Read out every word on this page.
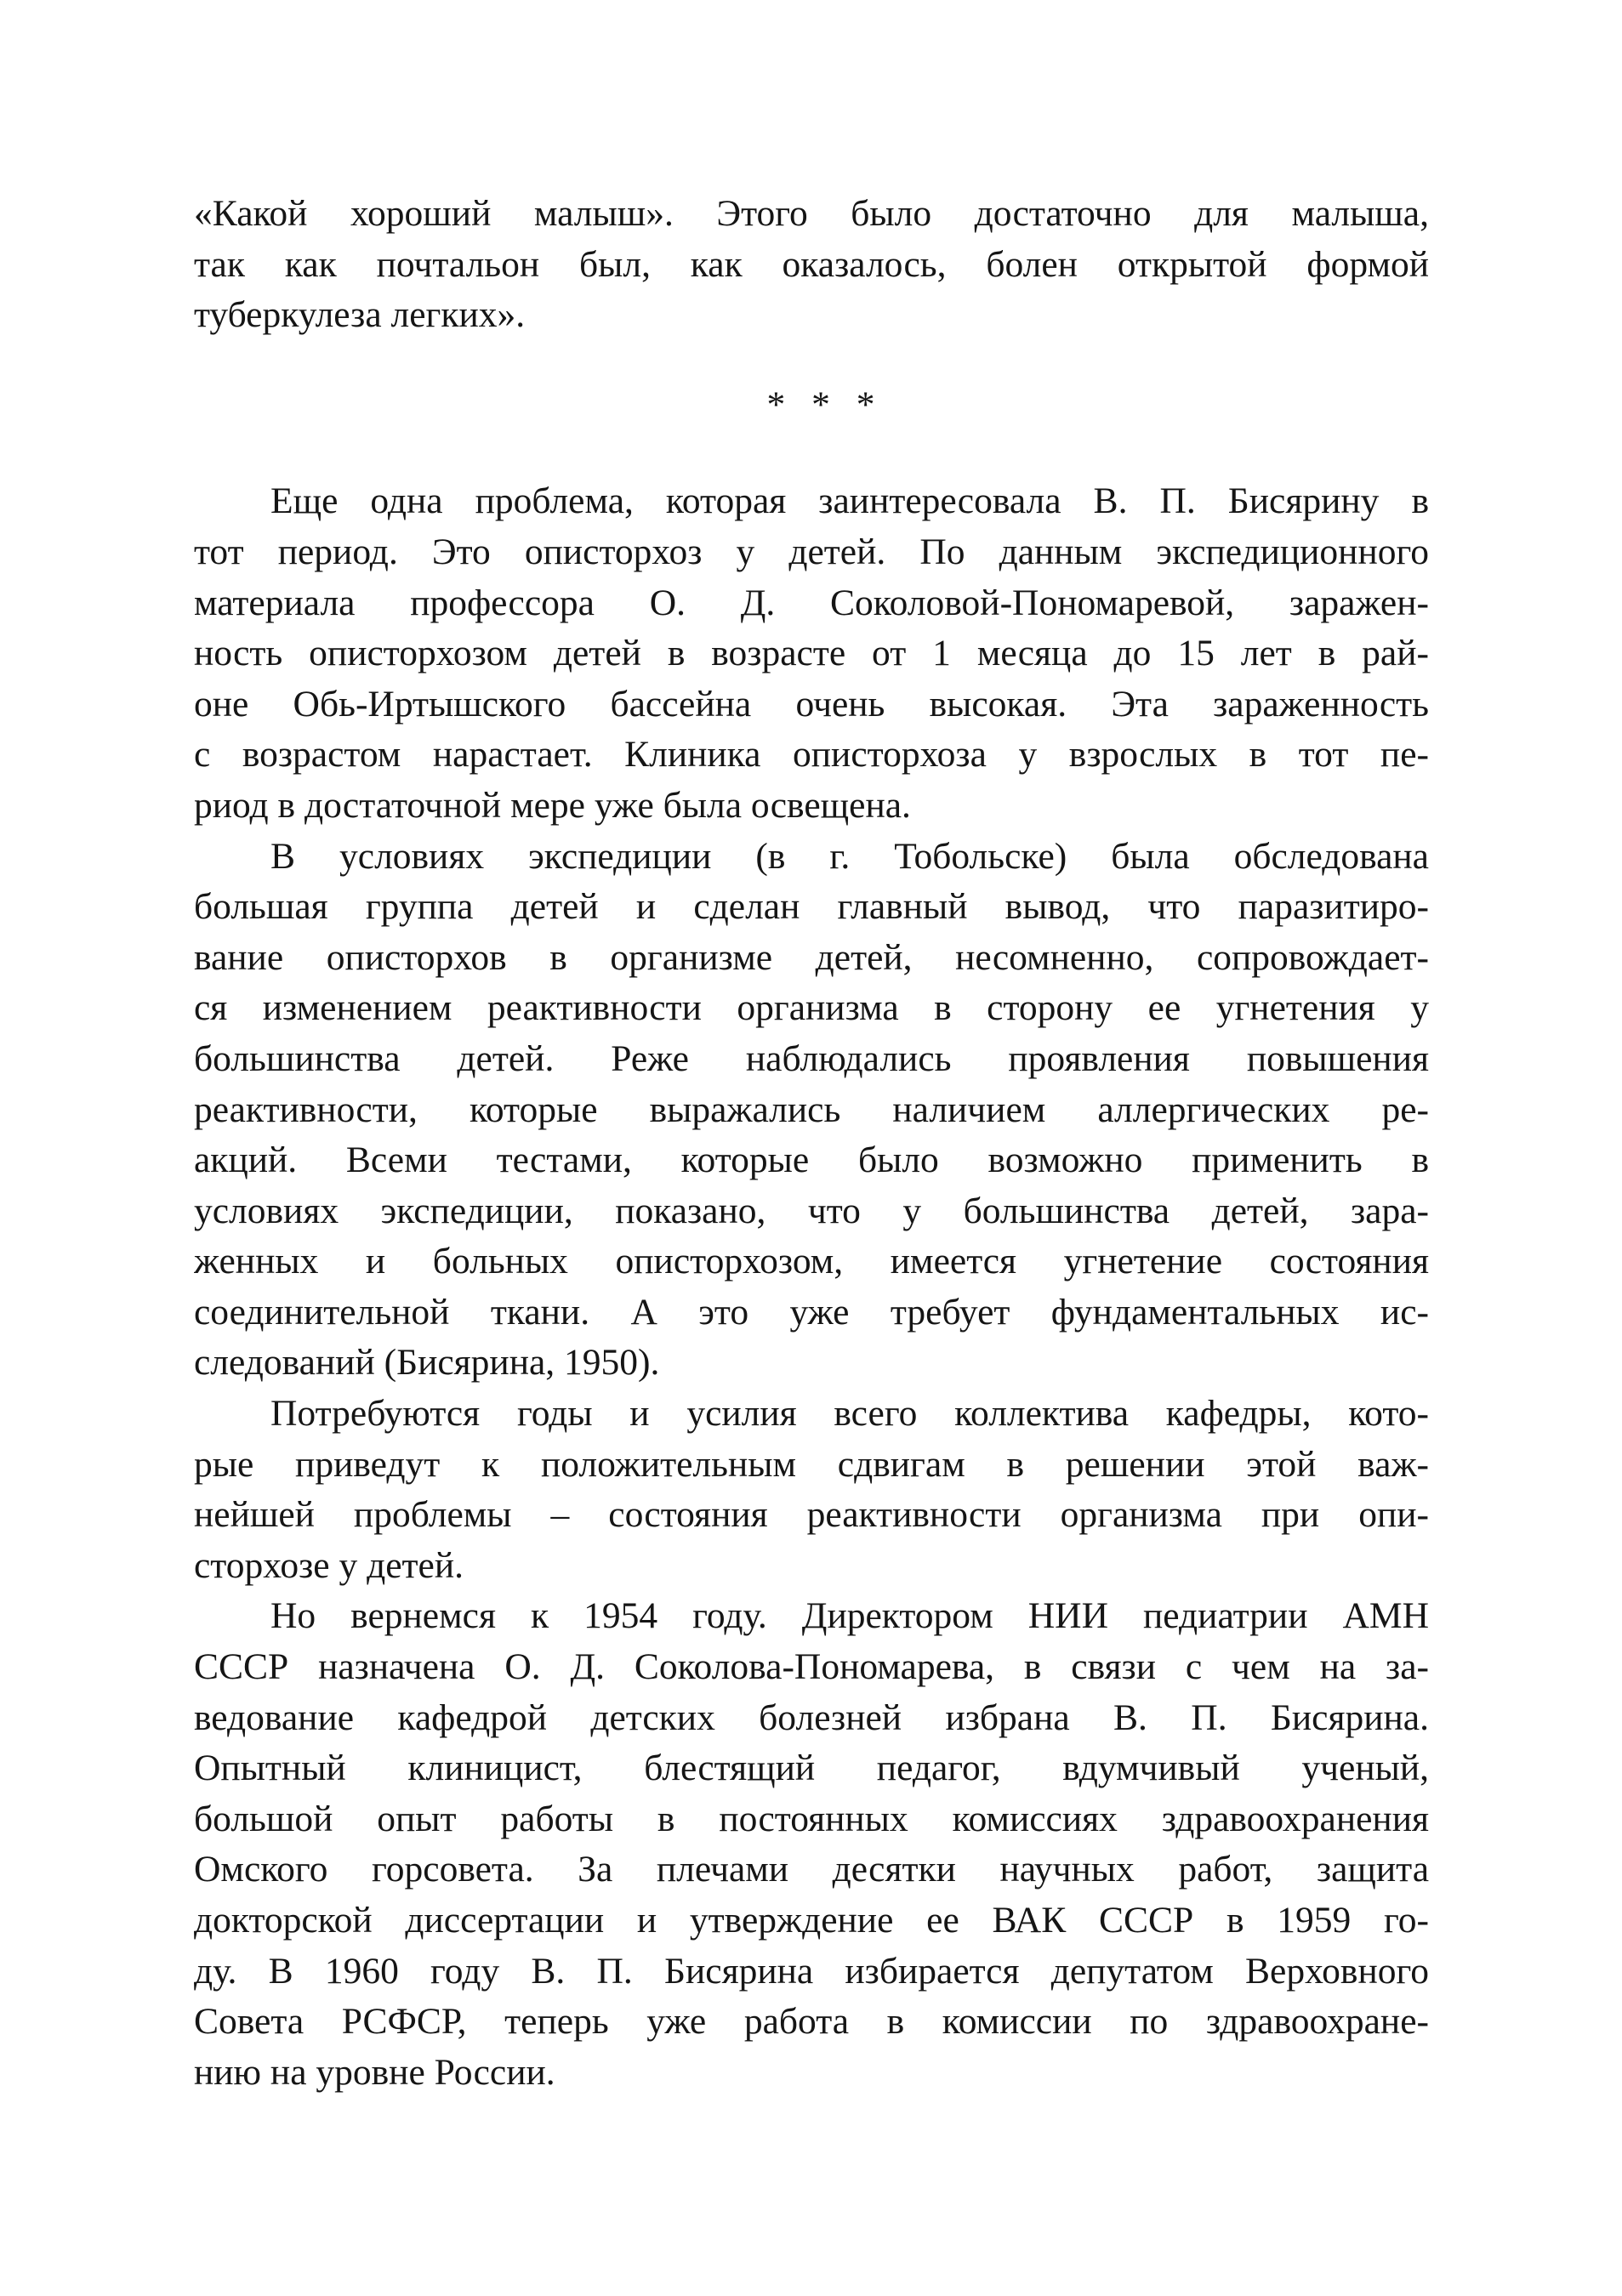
«Какой хороший малыш». Этого было достаточно для малыша,
так как почтальон был, как оказалось, болен открытой формой
туберкулеза легких».
* * *
Еще одна проблема, которая заинтересовала В. П. Бисярину в
тот период. Это описторхоз у детей. По данным экспедиционного
материала профессора О. Д. Соколовой-Пономаревой, заражен-
ность описторхозом детей в возрасте от 1 месяца до 15 лет в рай-
оне Обь-Иртышского бассейна очень высокая. Эта зараженность
с возрастом нарастает. Клиника описторхоза у взрослых в тот пе-
риод в достаточной мере уже была освещена.
В условиях экспедиции (в г. Тобольске) была обследована
большая группа детей и сделан главный вывод, что паразитиро-
вание описторхов в организме детей, несомненно, сопровождает-
ся изменением реактивности организма в сторону ее угнетения у
большинства детей. Реже наблюдались проявления повышения
реактивности, которые выражались наличием аллергических ре-
акций. Всеми тестами, которые было возможно применить в
условиях экспедиции, показано, что у большинства детей, зара-
женных и больных описторхозом, имеется угнетение состояния
соединительной ткани. А это уже требует фундаментальных ис-
следований (Бисярина, 1950).
Потребуются годы и усилия всего коллектива кафедры, кото-
рые приведут к положительным сдвигам в решении этой важ-
нейшей проблемы – состояния реактивности организма при опи-
сторхозе у детей.
Но вернемся к 1954 году. Директором НИИ педиатрии АМН
СССР назначена О. Д. Соколова-Пономарева, в связи с чем на за-
ведование кафедрой детских болезней избрана В. П. Бисярина.
Опытный клиницист, блестящий педагог, вдумчивый ученый,
большой опыт работы в постоянных комиссиях здравоохранения
Омского горсовета. За плечами десятки научных работ, защита
докторской диссертации и утверждение ее ВАК СССР в 1959 го-
ду. В 1960 году В. П. Бисярина избирается депутатом Верховного
Совета РСФСР, теперь уже работа в комиссии по здравоохране-
нию на уровне России.
